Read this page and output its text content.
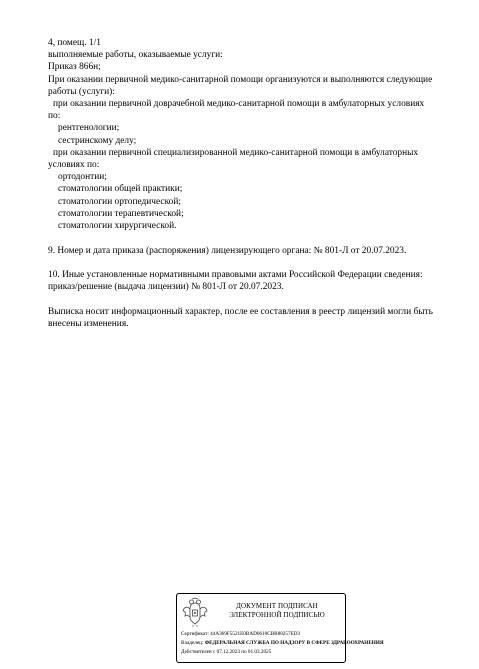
4, помещ. 1/1
выполняемые работы, оказываемые услуги:
Приказ 866н;
При оказании первичной медико-санитарной помощи организуются и выполняются следующие
работы (услуги):
при оказании первичной доврачебной медико-санитарной помощи в амбулаторных условиях
по:
рентгенологии;
сестринскому делу;
при оказании первичной специализированной медико-санитарной помощи в амбулаторных
условиях по:
ортодонтии;
стоматологии общей практики;
стоматологии ортопедической;
стоматологии терапевтической;
стоматологии хирургической.
9. Номер и дата приказа (распоряжения) лицензирующего органа: № 801-Л от 20.07.2023.
10. Иные установленные нормативными правовыми актами Российской Федерации сведения:
приказ/решение (выдача лицензии) № 801-Л от 20.07.2023.
Выписка носит информационный характер, после ее составления в реестр лицензий могли быть
внесены изменения.
ДОКУМЕНТ ПОДПИСАН
ЭЛЕКТРОННОЙ ПОДПИСЬЮ
Сертификат: 44A369F5521E0BAD0610CBB88257ED3
Владелец: ФЕДЕРАЛЬНАЯ СЛУЖБА ПО НАДЗОРУ В СФЕРЕ ЗДРАВООХРАНЕНИЯ
Действителен с 07.12.2023 по 01.03.2025
